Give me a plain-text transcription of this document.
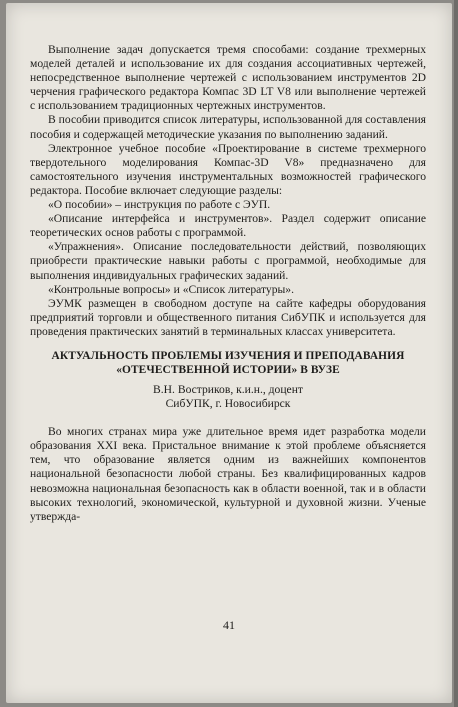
Выполнение задач допускается тремя способами: создание трехмерных моделей деталей и использование их для создания ассоциативных чертежей, непосредственное выполнение чертежей с использованием инструментов 2D черчения графического редактора Компас 3D LT V8 или выполнение чертежей с использованием традиционных чертежных инструментов.

В пособии приводится список литературы, использованной для составления пособия и содержащей методические указания по выполнению заданий.

Электронное учебное пособие «Проектирование в системе трехмерного твердотельного моделирования Компас-3D V8» предназначено для самостоятельного изучения инструментальных возможностей графического редактора. Пособие включает следующие разделы:

«О пособии» – инструкция по работе с ЭУП.

«Описание интерфейса и инструментов». Раздел содержит описание теоретических основ работы с программой.

«Упражнения». Описание последовательности действий, позволяющих приобрести практические навыки работы с программой, необходимые для выполнения индивидуальных графических заданий.

«Контрольные вопросы» и «Список литературы».

ЭУМК размещен в свободном доступе на сайте кафедры оборудования предприятий торговли и общественного питания СибУПК и используется для проведения практических занятий в терминальных классах университета.

АКТУАЛЬНОСТЬ ПРОБЛЕМЫ ИЗУЧЕНИЯ И ПРЕПОДАВАНИЯ
«ОТЕЧЕСТВЕННОЙ ИСТОРИИ» В ВУЗЕ

В.Н. Востриков, к.и.н., доцент

СибУПК, г. Новосибирск

Во многих странах мира уже длительное время идет разработка модели образования XXI века. Пристальное внимание к этой проблеме объясняется тем, что образование является одним из важнейших компонентов национальной безопасности любой страны. Без квалифицированных кадров невозможна национальная безопасность как в области военной, так и в области высоких технологий, экономической, культурной и духовной жизни. Ученые утвержда-

41
